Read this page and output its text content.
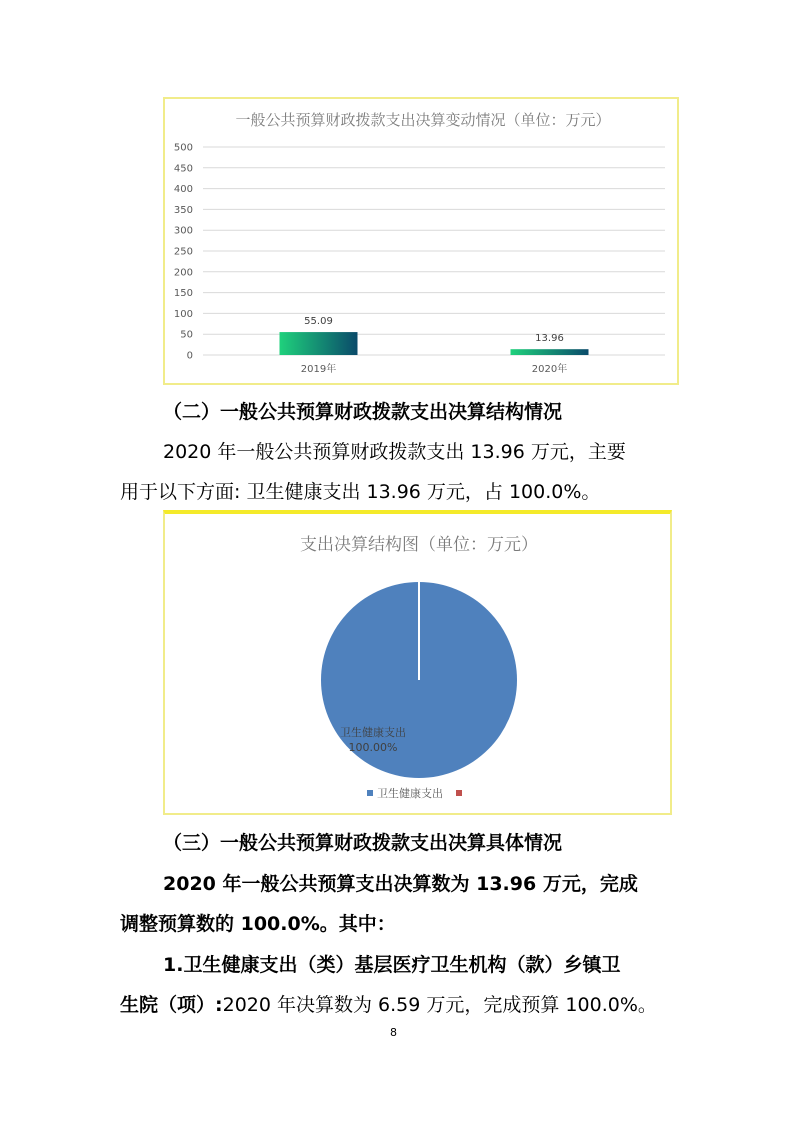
一般公共预算财政拨款支出决算变动情况（单位：万元）
0
50
100
150
200
250
300
350
400
450
500
55.09
2019年
13.96
2020年
（二）一般公共预算财政拨款支出决算结构情况
2020 年一般公共预算财政拨款支出 13.96 万元，主要
用于以下方面: 卫生健康支出 13.96 万元，占 100.0%。
支出决算结构图（单位：万元）
卫生健康支出
100.00%
卫生健康支出
（三）一般公共预算财政拨款支出决算具体情况
2020 年一般公共预算支出决算数为 13.96 万元，完成
调整预算数的 100.0%。其中：
1.卫生健康支出（类）基层医疗卫生机构（款）乡镇卫
生院（项）:2020 年决算数为 6.59 万元，完成预算 100.0%。
8
